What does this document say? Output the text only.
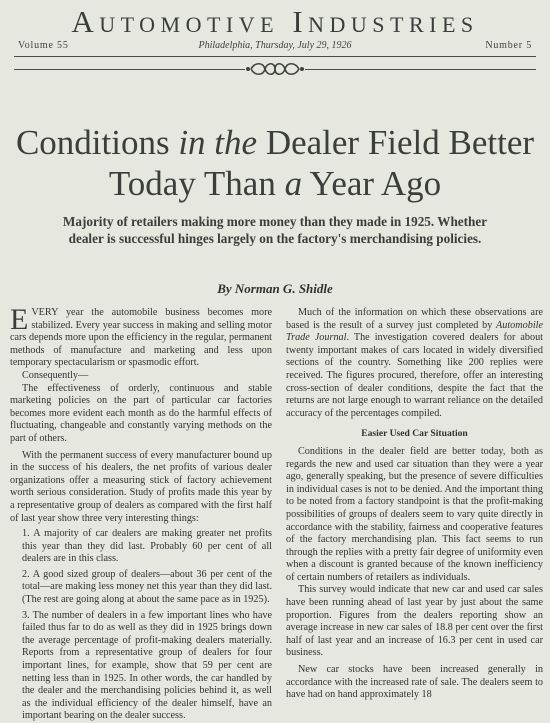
Automotive Industries
Volume 55	Philadelphia, Thursday, July 29, 1926	Number 5
Conditions in the Dealer Field Better
Today Than a Year Ago
Majority of retailers making more money than they made in 1925. Whether dealer is successful hinges largely on the factory's merchandising policies.
By Norman G. Shidle

EVERY year the automobile business becomes more stabilized. Every year success in making and selling motor cars depends more upon the efficiency in the regular, permanent methods of manufacture and marketing and less upon temporary spectacularism or spasmodic effort.

Consequently—

The effectiveness of orderly, continuous and stable marketing policies on the part of particular car factories becomes more evident each month as do the harmful effects of fluctuating, changeable and constantly varying methods on the part of others.

With the permanent success of every manufacturer bound up in the success of his dealers, the net profits of various dealer organizations offer a measuring stick of factory achievement worth serious consideration. Study of profits made this year by a representative group of dealers as compared with the first half of last year show three very interesting things:

1. A majority of car dealers are making greater net profits this year than they did last. Probably 60 per cent of all dealers are in this class.

2. A good sized group of dealers—about 36 per cent of the total—are making less money net this year than they did last. (The rest are going along at about the same pace as in 1925).

3. The number of dealers in a few important lines who have failed thus far to do as well as they did in 1925 brings down the average percentage of profit-making dealers materially. Reports from a representative group of dealers for four important lines, for example, show that 59 per cent are netting less than in 1925. In other words, the car handled by the dealer and the merchandising policies behind it, as well as the individual efficiency of the dealer himself, have an important bearing on the dealer success.

Much of the information on which these observations are based is the result of a survey just completed by Automobile Trade Journal. The investigation covered dealers for about twenty important makes of cars located in widely diversified sections of the country. Something like 200 replies were received. The figures procured, therefore, offer an interesting cross-section of dealer conditions, despite the fact that the returns are not large enough to warrant reliance on the detailed accuracy of the percentages compiled.

Easier Used Car Situation

Conditions in the dealer field are better today, both as regards the new and used car situation than they were a year ago, generally speaking, but the presence of severe difficulties in individual cases is not to be denied. And the important thing to be noted from a factory standpoint is that the profit-making possibilities of groups of dealers seem to vary quite directly in accordance with the stability, fairness and cooperative features of the factory merchandising plan. This fact seems to run through the replies with a pretty fair degree of uniformity even when a discount is granted because of the known inefficiency of certain numbers of retailers as individuals.

This survey would indicate that new car and used car sales have been running ahead of last year by just about the same proportion. Figures from the dealers reporting show an average increase in new car sales of 18.8 per cent over the first half of last year and an increase of 16.3 per cent in used car business.

New car stocks have been increased generally in accordance with the increased rate of sale. The dealers seem to have had on hand approximately 18
